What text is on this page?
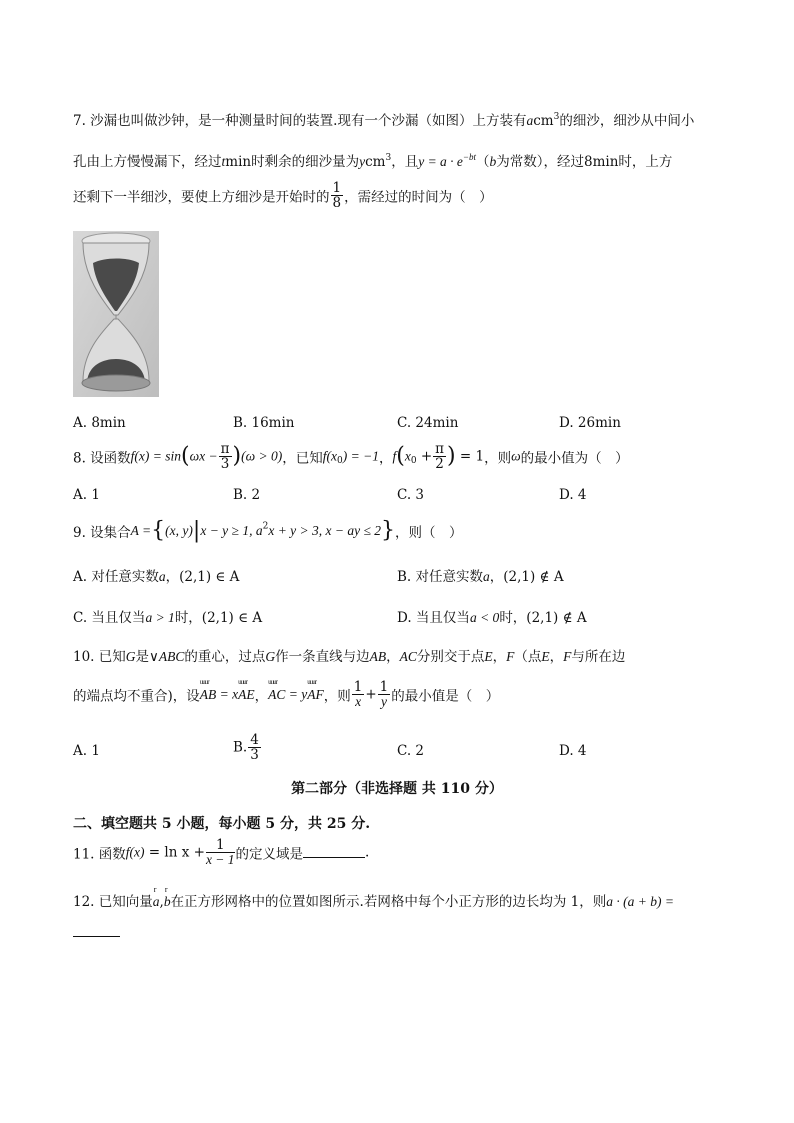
7. 沙漏也叫做沙钟，是一种测量时间的装置.现有一个沙漏（如图）上方装有acm$^3$的细沙，细沙从中间小
孔由上方慢慢漏下，经过tmin时剩余的细沙量为ycm$^3$，且$y = a \cdot e^{-bt}(b$为常数），经过8min时，上方
还剩下一半细沙，要使上方细沙是开始时的 $\frac{1}{8}$ ，需经过的时间为（　）
A. 8min	B. 16min	C. 24min	D. 26min
8. 设函数$f(x) = \sin(\omega x - \frac{\pi}{3} )(\omega > 0)$，已知$f(x_0) = -1$，$f(x_0 + \frac{\pi}{2}$ ) = 1，则ω的最小值为（　）
A. 1	B. 2	C. 3	D. 4
9. 设集合A ={(x, y)|x − y ≥ 1, $a^2x + y > 3$, x − ay ≤ 2}，则（　）
A. 对任意实数a，(2,1) ∈ A	B. 对任意实数a，(2,1) ∉ A
C. 当且仅当a > 1时，(2,1) ∈ A	D. 当且仅当a < 0时，(2,1) ∉ A
10. 已知G是∨ABC的重心，过点G作一条直线与边AB，AC分别交于点E，F（点E，F与所在边
的端点均不重合)，设uuur AB = xuuur AE，uuur AC = yuuur AF，则 $\frac{1}{x} + \frac{1}{y}$ 的最小值是（　）
A. 1	B. $\frac{4}{3}$	C. 2	D. 4
第二部分（非选择题 共 110 分）
二、填空题共 5 小题，每小题 5 分，共 25 分.
11. 函数$f(x) = \ln x + \frac{1}{x - 1}$ 的定义域是	.
12. 已知向量r a,r b在正方形网格中的位置如图所示.若网格中每个小正方形的边长均为 1，则a · (a + b) =
